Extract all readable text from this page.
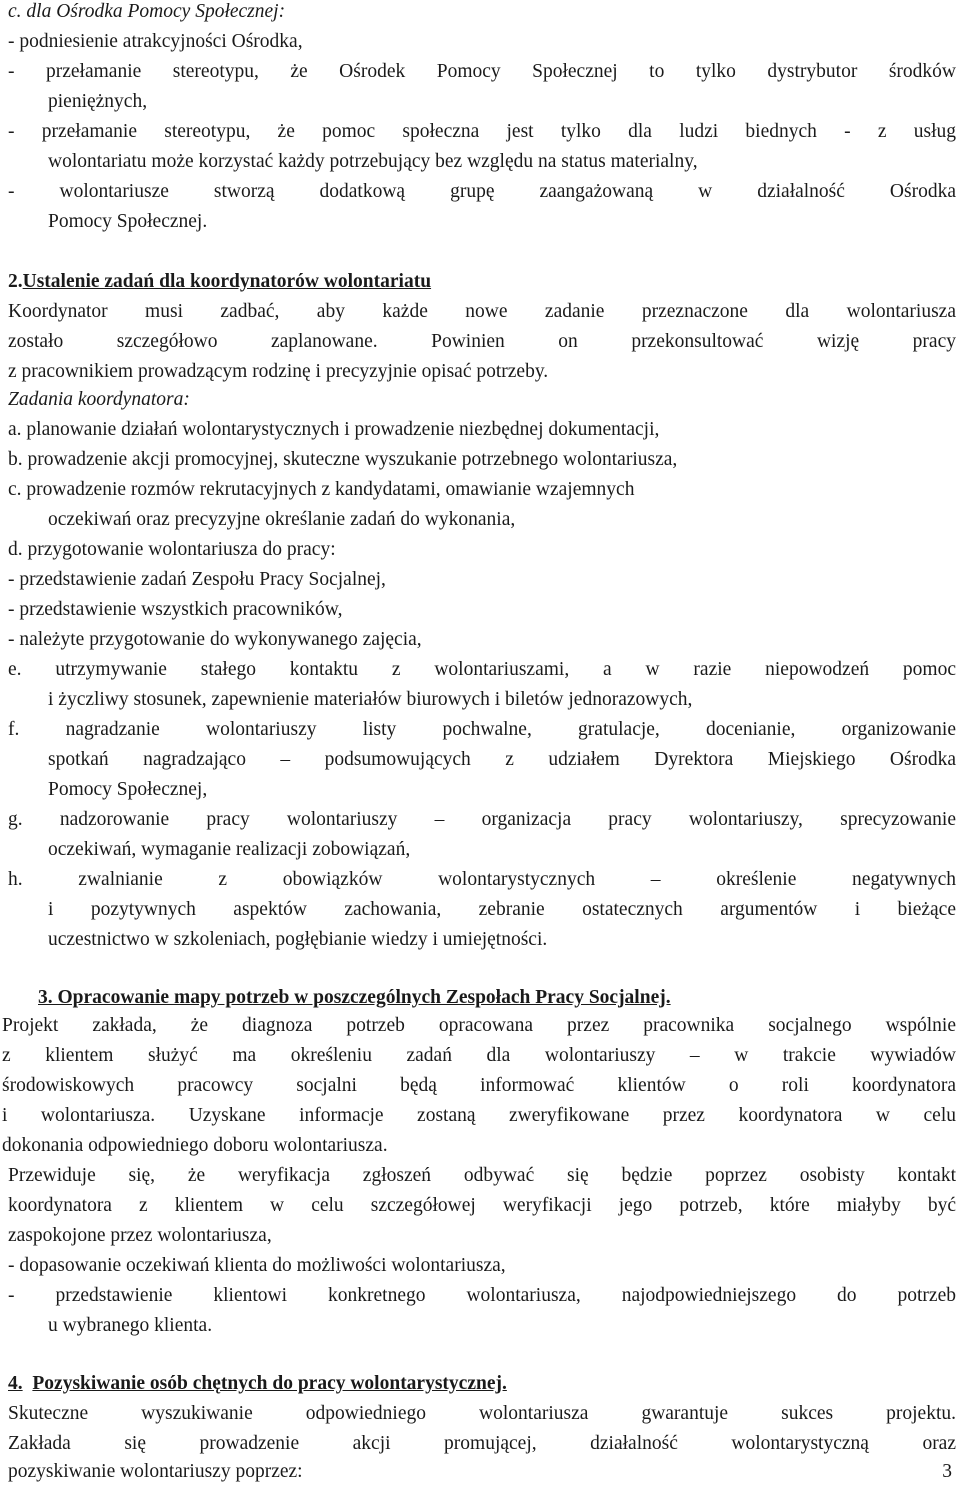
c. dla Ośrodka Pomocy Społecznej:
- podniesienie atrakcyjności Ośrodka,
- przełamanie stereotypu, że Ośrodek Pomocy Społecznej to tylko dystrybutor środków
pieniężnych,
- przełamanie stereotypu, że pomoc społeczna jest tylko dla ludzi biednych - z usług
wolontariatu może korzystać każdy potrzebujący bez względu na status materialny,
- wolontariusze stworzą dodatkową grupę zaangażowaną w działalność Ośrodka
Pomocy Społecznej.
2.Ustalenie zadań dla koordynatorów wolontariatu
Koordynator musi zadbać, aby każde nowe zadanie przeznaczone dla wolontariusza
zostało szczegółowo zaplanowane. Powinien on przekonsultować wizję pracy
z pracownikiem prowadzącym rodzinę i precyzyjnie opisać potrzeby.
Zadania koordynatora:
a. planowanie działań wolontarystycznych i prowadzenie niezbędnej dokumentacji,
b. prowadzenie akcji promocyjnej, skuteczne wyszukanie potrzebnego wolontariusza,
c. prowadzenie rozmów rekrutacyjnych z kandydatami, omawianie wzajemnych
oczekiwań oraz precyzyjne określanie zadań do wykonania,
d. przygotowanie wolontariusza do pracy:
- przedstawienie zadań Zespołu Pracy Socjalnej,
- przedstawienie wszystkich pracowników,
- należyte przygotowanie do wykonywanego zajęcia,
e. utrzymywanie stałego kontaktu z wolontariuszami, a w razie niepowodzeń pomoc
i życzliwy stosunek, zapewnienie materiałów biurowych i biletów jednorazowych,
f. nagradzanie wolontariuszy listy pochwalne, gratulacje, docenianie, organizowanie
spotkań nagradzająco – podsumowujących z udziałem Dyrektora Miejskiego Ośrodka
Pomocy Społecznej,
g. nadzorowanie pracy wolontariuszy – organizacja pracy wolontariuszy, sprecyzowanie
oczekiwań, wymaganie realizacji zobowiązań,
h. zwalnianie z obowiązków wolontarystycznych – określenie negatywnych
i pozytywnych aspektów zachowania, zebranie ostatecznych argumentów i bieżące
uczestnictwo w szkoleniach, pogłębianie wiedzy i umiejętności.
3. Opracowanie mapy potrzeb w poszczególnych Zespołach Pracy Socjalnej.
Projekt zakłada, że diagnoza potrzeb opracowana przez pracownika socjalnego wspólnie
z klientem służyć ma określeniu zadań dla wolontariuszy – w trakcie wywiadów
środowiskowych pracowcy socjalni będą informować klientów o roli koordynatora
i wolontariusza. Uzyskane informacje zostaną zweryfikowane przez koordynatora w celu
dokonania odpowiedniego doboru wolontariusza.
Przewiduje się, że weryfikacja zgłoszeń odbywać się będzie poprzez osobisty kontakt
koordynatora z klientem w celu szczegółowej weryfikacji jego potrzeb, które miałyby być
zaspokojone przez wolontariusza,
- dopasowanie oczekiwań klienta do możliwości wolontariusza,
- przedstawienie klientowi konkretnego wolontariusza, najodpowiedniejszego do potrzeb
u wybranego klienta.
4. Pozyskiwanie osób chętnych do pracy wolontarystycznej.
Skuteczne wyszukiwanie odpowiedniego wolontariusza gwarantuje sukces projektu.
Zakłada się prowadzenie akcji promującej, działalność wolontarystyczną oraz
pozyskiwanie wolontariuszy poprzez:	3
